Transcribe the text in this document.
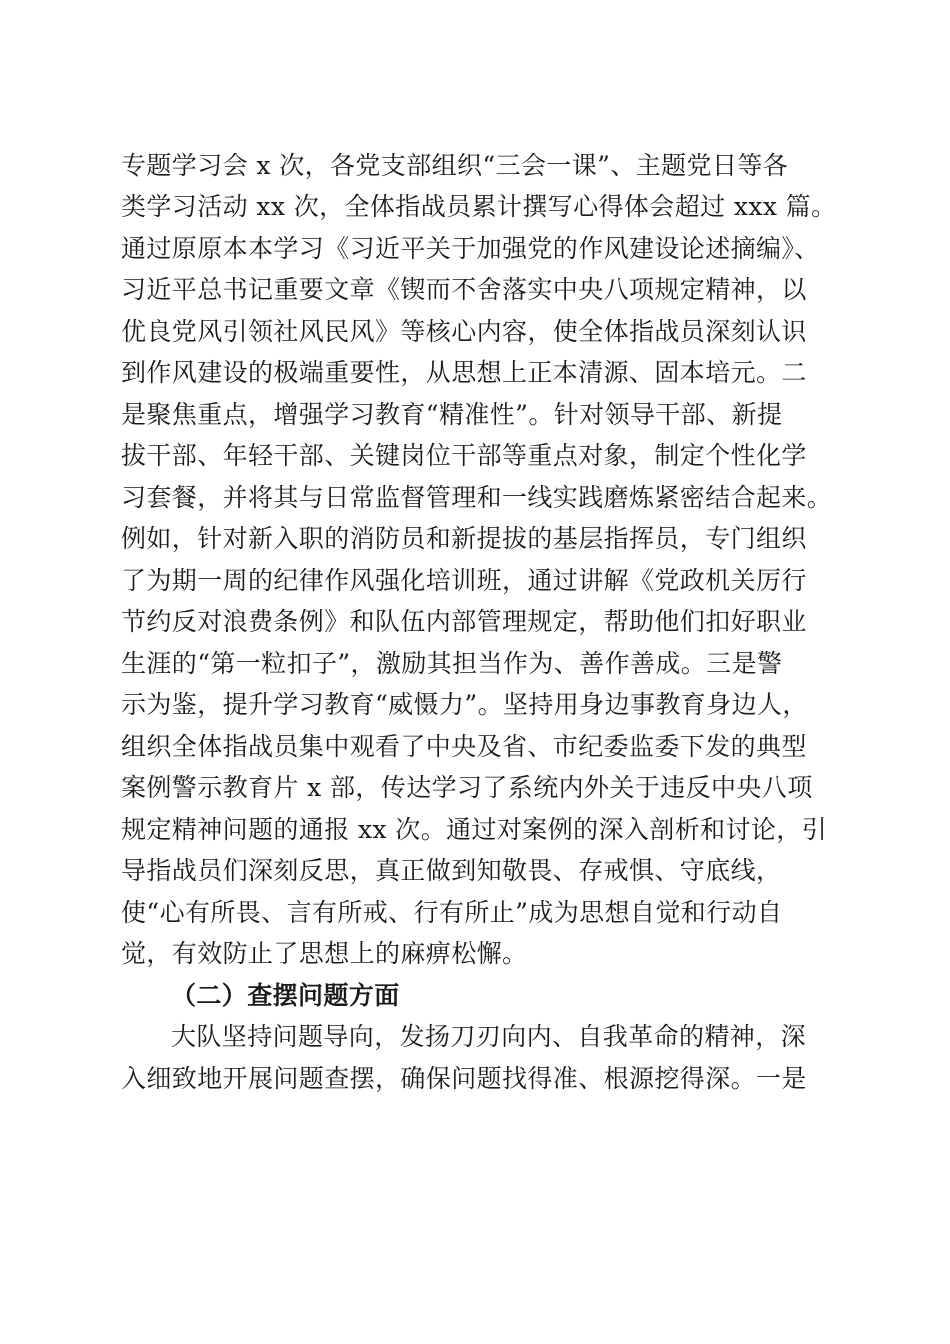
专题学习会 x 次，各党支部组织“三会一课”、主题党日等各
类学习活动 xx 次，全体指战员累计撰写心得体会超过 xxx 篇。
通过原原本本学习《习近平关于加强党的作风建设论述摘编》、
习近平总书记重要文章《锲而不舍落实中央八项规定精神，以
优良党风引领社风民风》等核心内容，使全体指战员深刻认识
到作风建设的极端重要性，从思想上正本清源、固本培元。二
是聚焦重点，增强学习教育“精准性”。针对领导干部、新提
拔干部、年轻干部、关键岗位干部等重点对象，制定个性化学
习套餐，并将其与日常监督管理和一线实践磨炼紧密结合起来。
例如，针对新入职的消防员和新提拔的基层指挥员，专门组织
了为期一周的纪律作风强化培训班，通过讲解《党政机关厉行
节约反对浪费条例》和队伍内部管理规定，帮助他们扣好职业
生涯的“第一粒扣子”，激励其担当作为、善作善成。三是警
示为鉴，提升学习教育“威慑力”。坚持用身边事教育身边人，
组织全体指战员集中观看了中央及省、市纪委监委下发的典型
案例警示教育片 x 部，传达学习了系统内外关于违反中央八项
规定精神问题的通报 xx 次。通过对案例的深入剖析和讨论，引
导指战员们深刻反思，真正做到知敬畏、存戒惧、守底线，
使“心有所畏、言有所戒、行有所止”成为思想自觉和行动自
觉，有效防止了思想上的麻痹松懈。
（二）查摆问题方面
大队坚持问题导向，发扬刀刃向内、自我革命的精神，深
入细致地开展问题查摆，确保问题找得准、根源挖得深。一是
